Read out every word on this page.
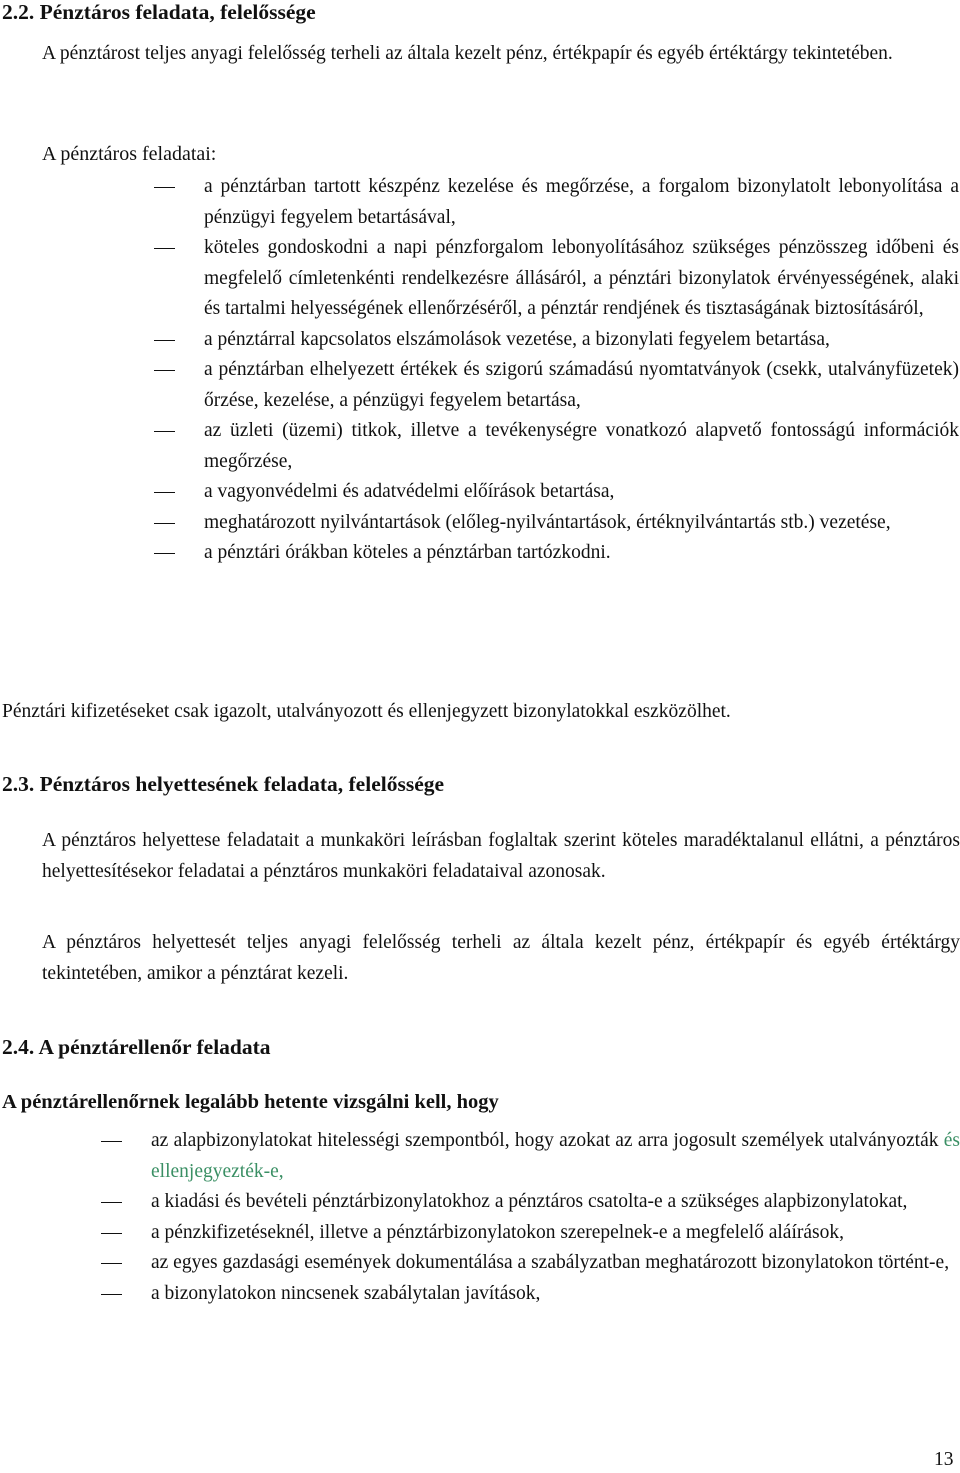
2.2. Pénztáros feladata, felelőssége

A pénztárost teljes anyagi felelősség terheli az általa kezelt pénz, értékpapír és egyéb értéktárgy tekintetében.

A pénztáros feladatai:

a pénztárban tartott készpénz kezelése és megőrzése, a forgalom bizonylatolt lebonyolítása a pénzügyi fegyelem betartásával,
köteles gondoskodni a napi pénzforgalom lebonyolításához szükséges pénzösszeg időbeni és megfelelő címletenkénti rendelkezésre állásáról, a pénztári bizonylatok érvényességének, alaki és tartalmi helyességének ellenőrzéséről, a pénztár rendjének és tisztaságának biztosításáról,
a pénztárral kapcsolatos elszámolások vezetése, a bizonylati fegyelem betartása,
a pénztárban elhelyezett értékek és szigorú számadású nyomtatványok (csekk, utalványfüzetek) őrzése, kezelése, a pénzügyi fegyelem betartása,
az üzleti (üzemi) titkok, illetve a tevékenységre vonatkozó alapvető fontosságú információk megőrzése,
a vagyonvédelmi és adatvédelmi előírások betartása,
meghatározott nyilvántartások (előleg-nyilvántartások, értéknyilvántartás stb.) vezetése,
a pénztári órákban köteles a pénztárban tartózkodni.

Pénztári kifizetéseket csak igazolt, utalványozott és ellenjegyzett bizonylatokkal eszközölhet.

2.3. Pénztáros helyettesének feladata, felelőssége

A pénztáros helyettese feladatait a munkaköri leírásban foglaltak szerint köteles maradéktalanul ellátni, a pénztáros helyettesítésekor feladatai a pénztáros munkaköri feladataival azonosak.

A pénztáros helyettesét teljes anyagi felelősség terheli az általa kezelt pénz, értékpapír és egyéb értéktárgy tekintetében, amikor a pénztárat kezeli.

2.4. A pénztárellenőr feladata

A pénztárellenőrnek legalább hetente vizsgálni kell, hogy

az alapbizonylatokat hitelességi szempontból, hogy azokat az arra jogosult személyek utalványozták és ellenjegyezték-e,
a kiadási és bevételi pénztárbizonylatokhoz a pénztáros csatolta-e a szükséges alapbizonylatokat,
a pénzkifizetéseknél, illetve a pénztárbizonylatokon szerepelnek-e a megfelelő aláírások,
az egyes gazdasági események dokumentálása a szabályzatban meghatározott bizonylatokon történt-e,
a bizonylatokon nincsenek szabálytalan javítások,

13
